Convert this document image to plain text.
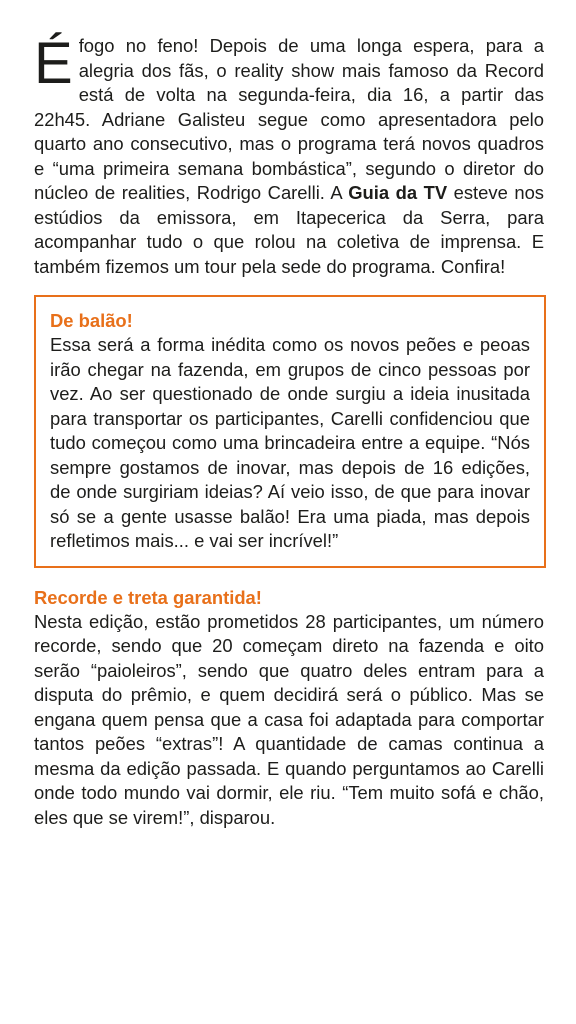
Éfogo no feno! Depois de uma longa espera, para a alegria dos fãs, o reality show mais famoso da Record está de volta na segunda-feira, dia 16, a partir das 22h45. Adriane Galisteu segue como apresentadora pelo quarto ano consecutivo, mas o programa terá novos quadros e “uma primeira semana bombástica”, segundo o diretor do núcleo de realities, Rodrigo Carelli. A Guia da TV esteve nos estúdios da emissora, em Itapecerica da Serra, para acompanhar tudo o que rolou na coletiva de imprensa. E também fizemos um tour pela sede do programa. Confira!

De balão!

Essa será a forma inédita como os novos peões e peoas irão chegar na fazenda, em grupos de cinco pessoas por vez. Ao ser questionado de onde surgiu a ideia inusitada para transportar os participantes, Carelli confidenciou que tudo começou como uma brincadeira entre a equipe. “Nós sempre gostamos de inovar, mas depois de 16 edições, de onde surgiriam ideias? Aí veio isso, de que para inovar só se a gente usasse balão! Era uma piada, mas depois refletimos mais... e vai ser incrível!”

Recorde e treta garantida!

Nesta edição, estão prometidos 28 participantes, um número recorde, sendo que 20 começam direto na fazenda e oito serão “paioleiros”, sendo que quatro deles entram para a disputa do prêmio, e quem decidirá será o público. Mas se engana quem pensa que a casa foi adaptada para comportar tantos peões “extras”! A quantidade de camas continua a mesma da edição passada. E quando perguntamos ao Carelli onde todo mundo vai dormir, ele riu. “Tem muito sofá e chão, eles que se virem!”, disparou.
